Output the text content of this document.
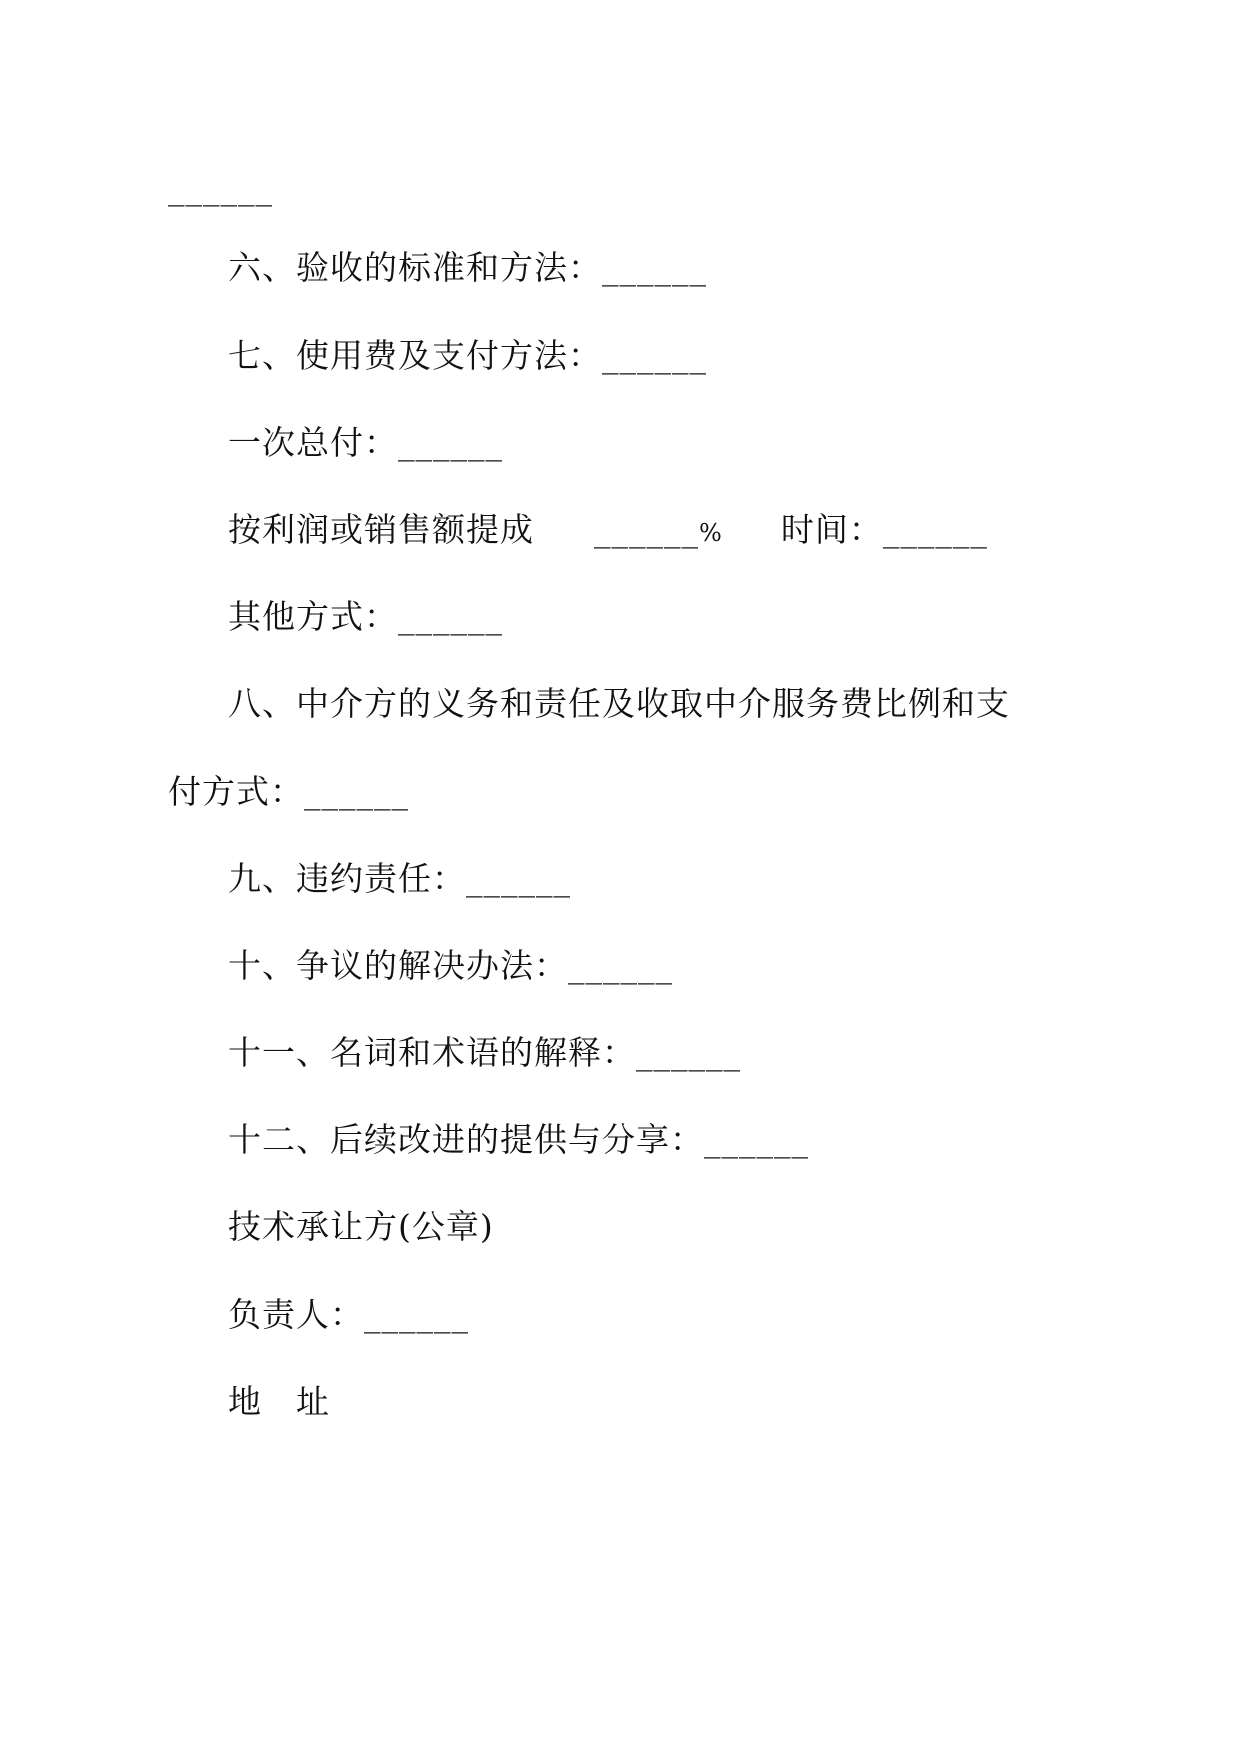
______
六、验收的标准和方法：______
七、使用费及支付方法：______
一次总付：______
按利润或销售额提成 ______% 时间：______
其他方式：______
八、中介方的义务和责任及收取中介服务费比例和支
付方式：______
九、违约责任：______
十、争议的解决办法：______
十一、名词和术语的解释：______
十二、后续改进的提供与分享：______
技术承让方(公章)
负责人：______
地　址
